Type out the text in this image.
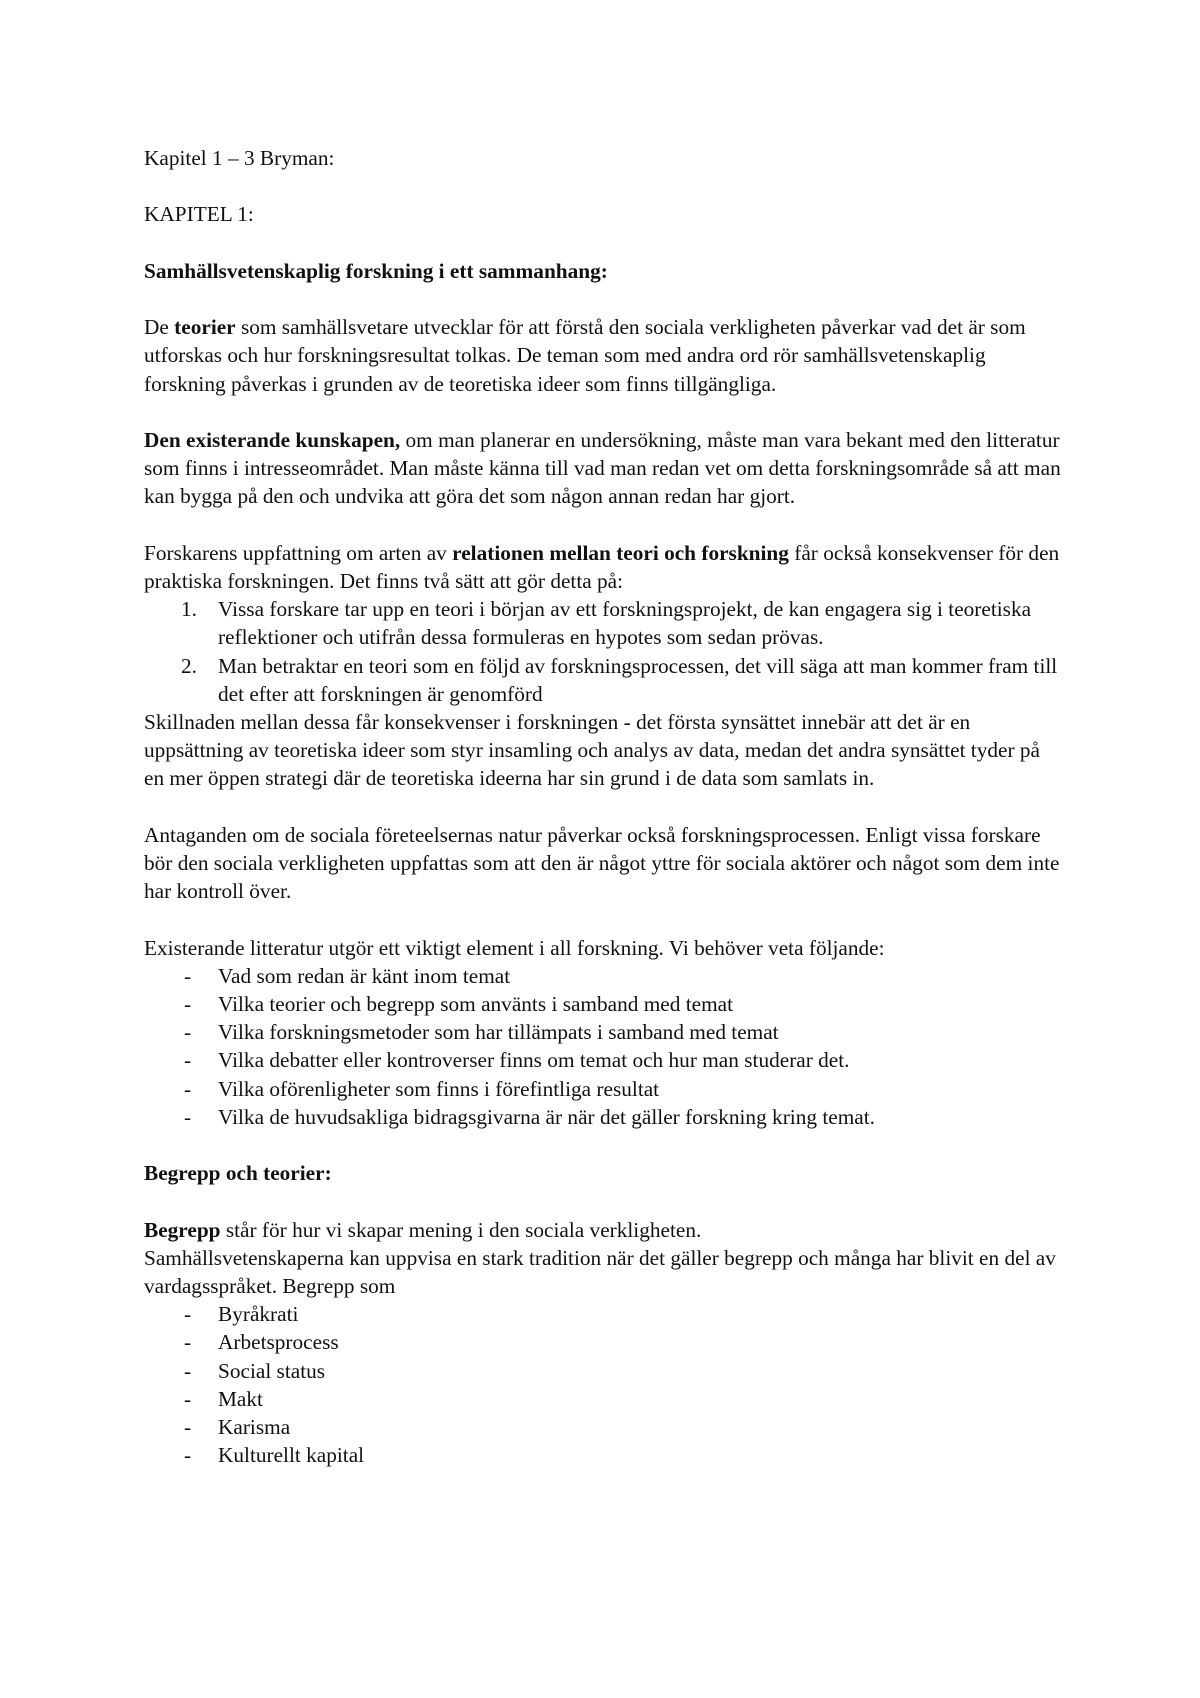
Kapitel 1 – 3 Bryman:

KAPITEL 1:

Samhällsvetenskaplig forskning i ett sammanhang:

De teorier som samhällsvetare utvecklar för att förstå den sociala verkligheten påverkar vad det är som utforskas och hur forskningsresultat tolkas. De teman som med andra ord rör samhällsvetenskaplig forskning påverkas i grunden av de teoretiska ideer som finns tillgängliga.

Den existerande kunskapen, om man planerar en undersökning, måste man vara bekant med den litteratur som finns i intresseområdet. Man måste känna till vad man redan vet om detta forskningsområde så att man kan bygga på den och undvika att göra det som någon annan redan har gjort.

Forskarens uppfattning om arten av relationen mellan teori och forskning får också konsekvenser för den praktiska forskningen. Det finns två sätt att gör detta på:

1. Vissa forskare tar upp en teori i början av ett forskningsprojekt, de kan engagera sig i teoretiska reflektioner och utifrån dessa formuleras en hypotes som sedan prövas.
2. Man betraktar en teori som en följd av forskningsprocessen, det vill säga att man kommer fram till det efter att forskningen är genomförd

Skillnaden mellan dessa får konsekvenser i forskningen - det första synsättet innebär att det är en uppsättning av teoretiska ideer som styr insamling och analys av data, medan det andra synsättet tyder på en mer öppen strategi där de teoretiska ideerna har sin grund i de data som samlats in.

Antaganden om de sociala företeelsernas natur påverkar också forskningsprocessen. Enligt vissa forskare bör den sociala verkligheten uppfattas som att den är något yttre för sociala aktörer och något som dem inte har kontroll över.

Existerande litteratur utgör ett viktigt element i all forskning. Vi behöver veta följande:

- Vad som redan är känt inom temat
- Vilka teorier och begrepp som använts i samband med temat
- Vilka forskningsmetoder som har tillämpats i samband med temat
- Vilka debatter eller kontroverser finns om temat och hur man studerar det.
- Vilka oförenligheter som finns i förefintliga resultat
- Vilka de huvudsakliga bidragsgivarna är när det gäller forskning kring temat.

Begrepp och teorier:

Begrepp står för hur vi skapar mening i den sociala verkligheten.

Samhällsvetenskaperna kan uppvisa en stark tradition när det gäller begrepp och många har blivit en del av vardagsspråket. Begrepp som

- Byråkrati
- Arbetsprocess
- Social status
- Makt
- Karisma
- Kulturellt kapital
